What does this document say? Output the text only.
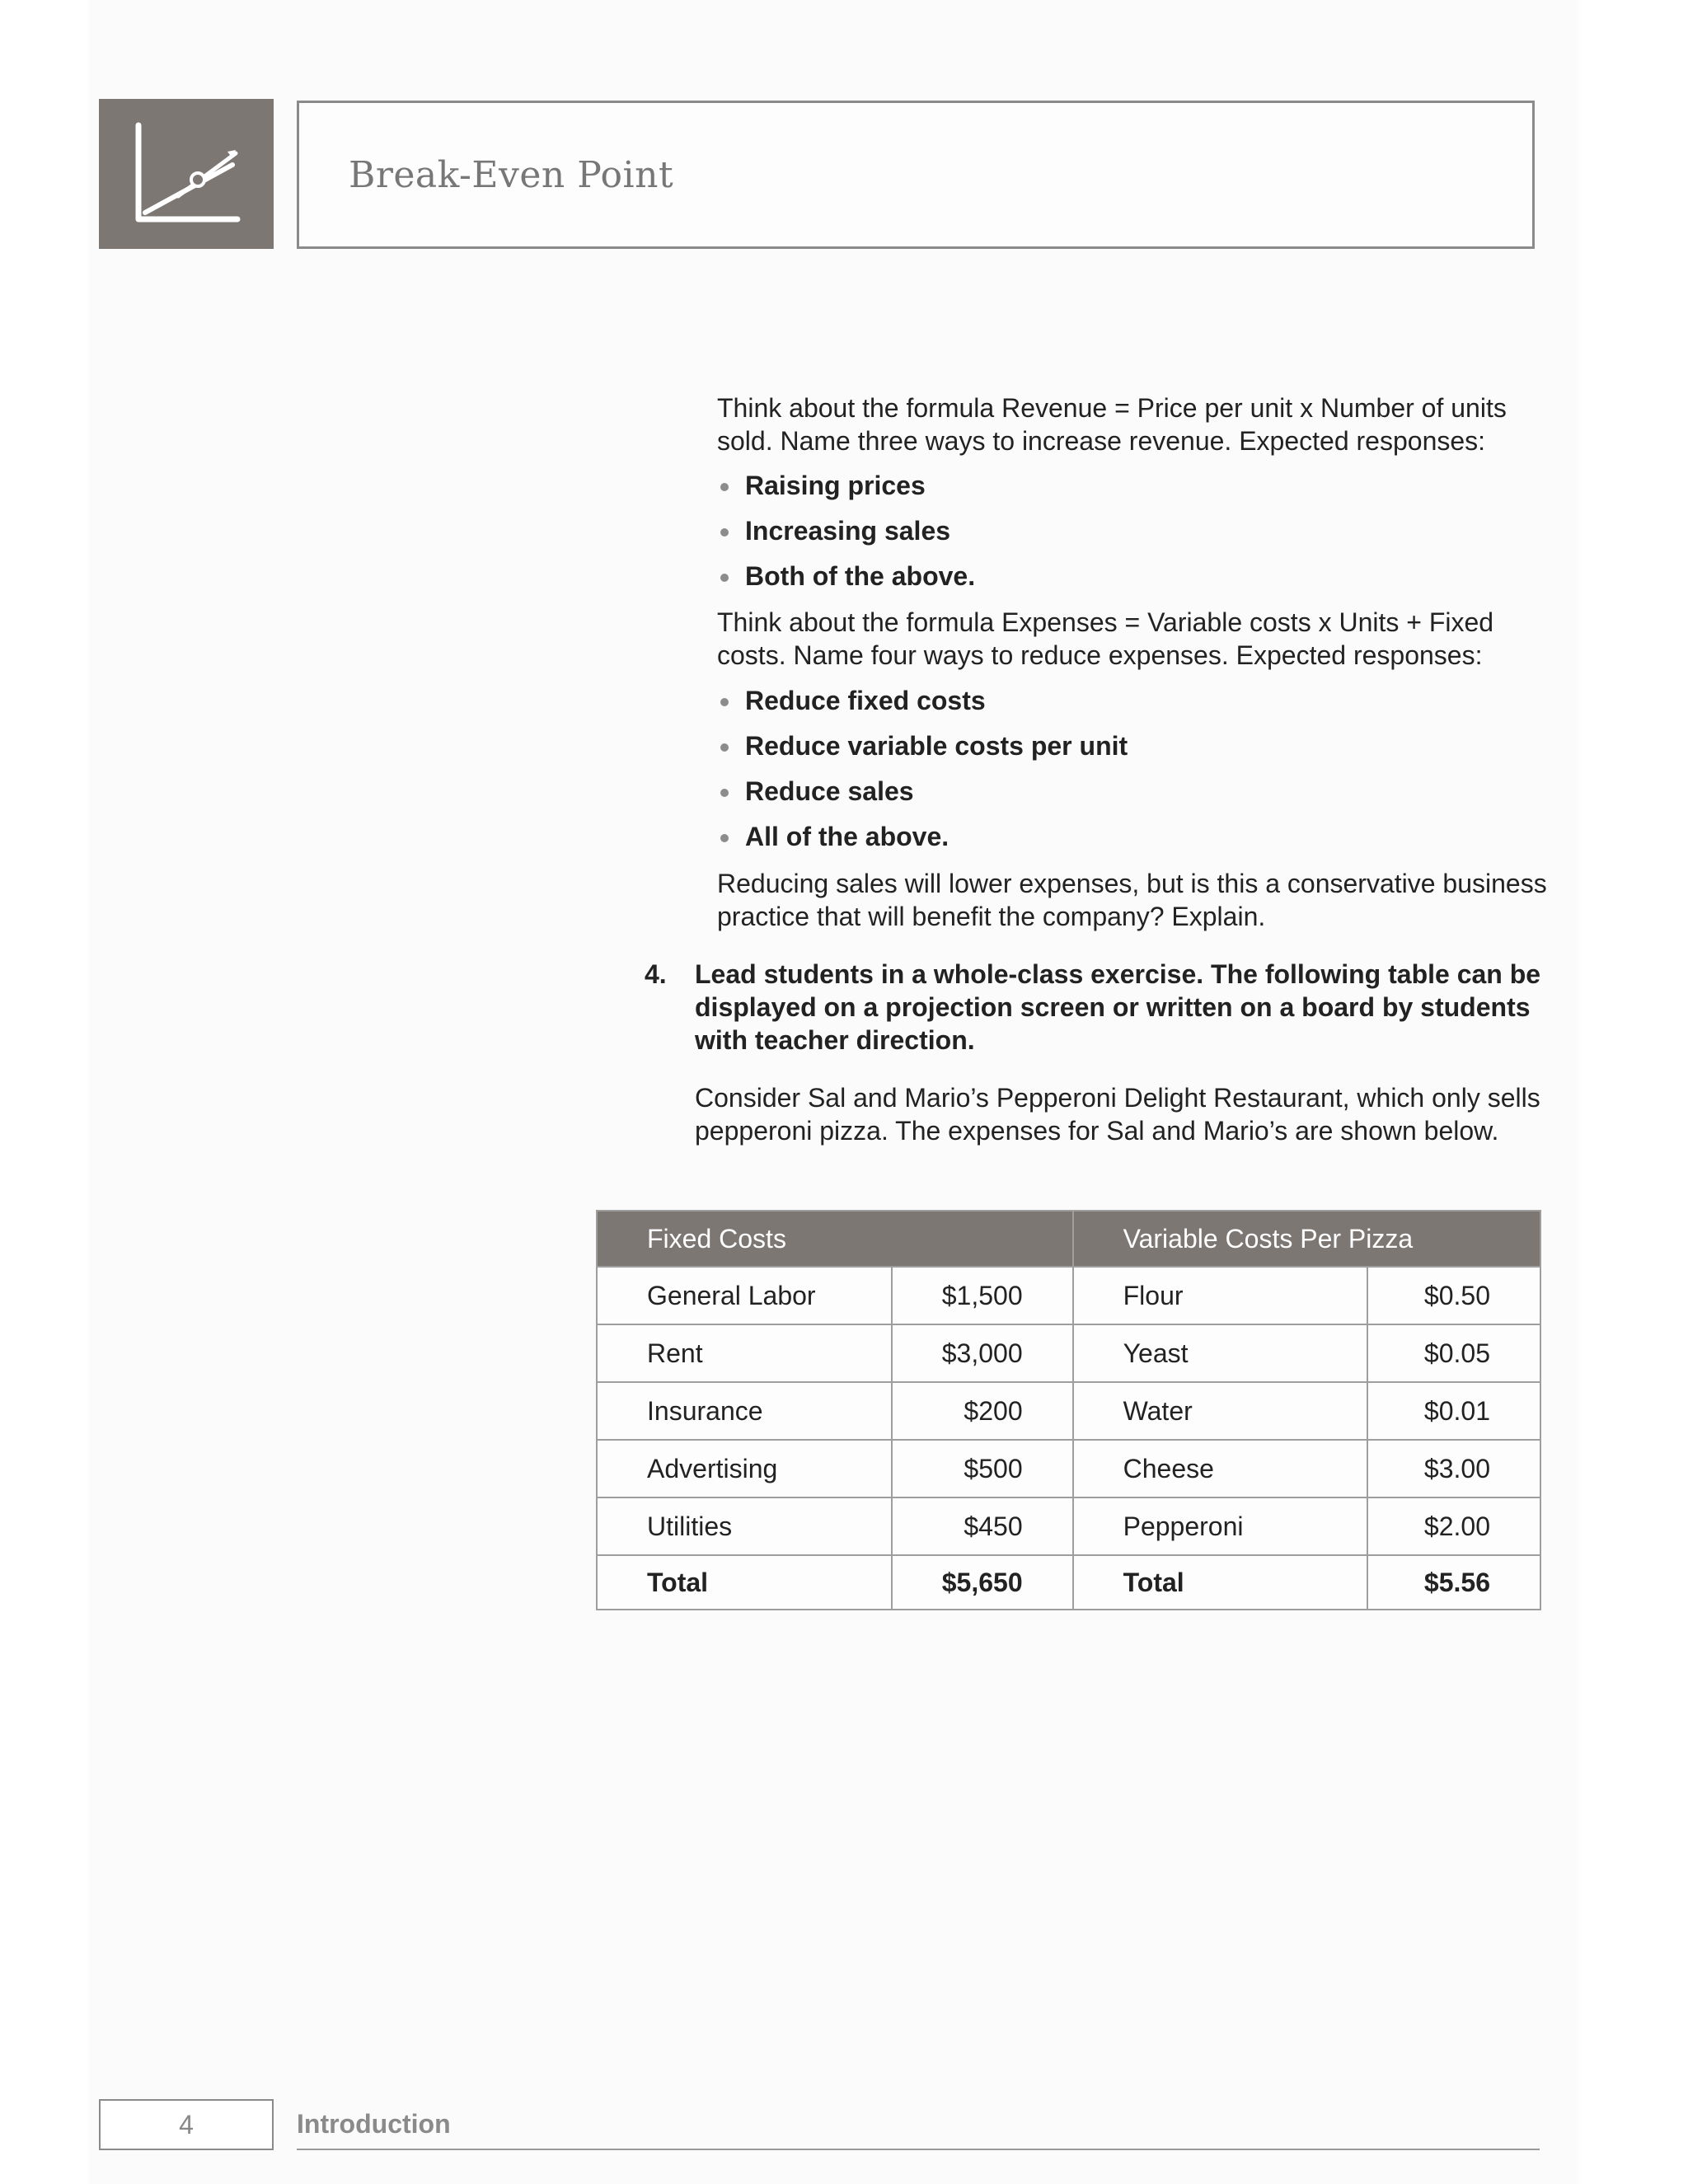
Break-Even Point

Think about the formula Revenue = Price per unit x Number of units sold. Name three ways to increase revenue. Expected responses:

Raising prices
Increasing sales
Both of the above.

Think about the formula Expenses = Variable costs x Units + Fixed costs. Name four ways to reduce expenses. Expected responses:

Reduce fixed costs
Reduce variable costs per unit
Reduce sales
All of the above.

Reducing sales will lower expenses, but is this a conservative business practice that will benefit the company? Explain.

4. Lead students in a whole-class exercise. The following table can be displayed on a projection screen or written on a board by students with teacher direction.
Consider Sal and Mario’s Pepperoni Delight Restaurant, which only sells pepperoni pizza. The expenses for Sal and Mario’s are shown below.
Fixed Costs		Variable Costs Per Pizza	
General Labor	$1,500	Flour	$0.50
Rent	$3,000	Yeast	$0.05
Insurance	$200	Water	$0.01
Advertising	$500	Cheese	$3.00
Utilities	$450	Pepperoni	$2.00
Total	$5,650	Total	$5.56
4	Introduction
